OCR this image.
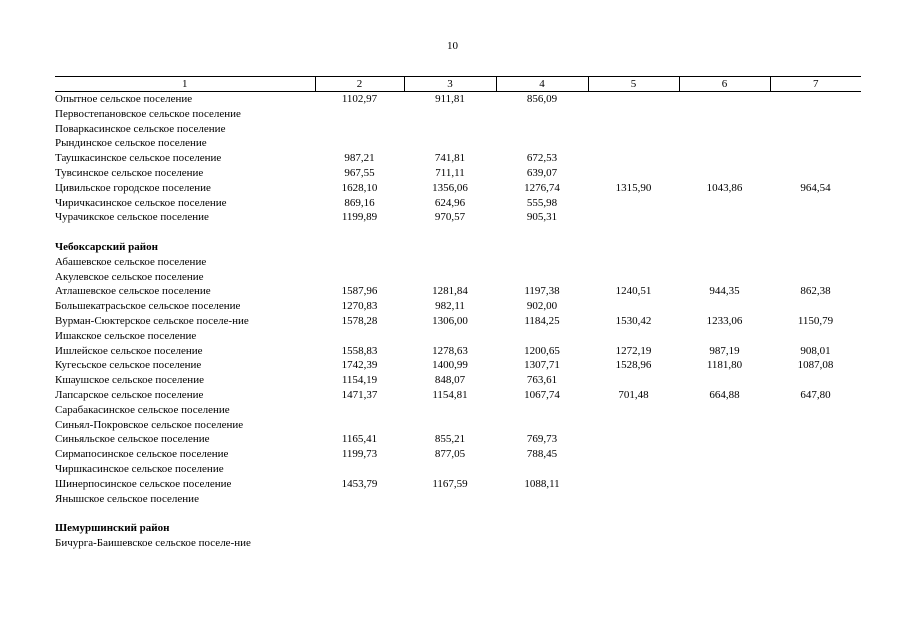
10
1	2	3	4	5	6	7
Опытное сельское поселение	1102,97	911,81	856,09			
Первостепановское сельское поселение						
Поваркасинское сельское поселение						
Рындинское сельское поселение						
Таушкасинское сельское поселение	987,21	741,81	672,53			
Тувсинское сельское поселение	967,55	711,11	639,07			
Цивильское городское поселение	1628,10	1356,06	1276,74	1315,90	1043,86	964,54
Чиричкасинское сельское поселение	869,16	624,96	555,98			
Чурачикское сельское поселение	1199,89	970,57	905,31			

Чебоксарский район						
Абашевское сельское поселение						
Акулевское сельское поселение						
Атлашевское сельское поселение	1587,96	1281,84	1197,38	1240,51	944,35	862,38
Большекатрасьское сельское поселение	1270,83	982,11	902,00			
Вурман-Сюктерское сельское поселе-ние	1578,28	1306,00	1184,25	1530,42	1233,06	1150,79
Ишакское сельское поселение						
Ишлейское сельское поселение	1558,83	1278,63	1200,65	1272,19	987,19	908,01
Кугесьское сельское поселение	1742,39	1400,99	1307,71	1528,96	1181,80	1087,08
Кшаушское сельское поселение	1154,19	848,07	763,61			
Лапсарское сельское поселение	1471,37	1154,81	1067,74	701,48	664,88	647,80
Сарабакасинское сельское поселение						
Синьял-Покровское сельское поселение						
Синьяльское сельское поселение	1165,41	855,21	769,73			
Сирмапосинское сельское поселение	1199,73	877,05	788,45			
Чиршкасинское сельское поселение						
Шинерпосинское сельское поселение	1453,79	1167,59	1088,11			
Янышское сельское поселение						

Шемуршинский район						
Бичурга-Баишевское сельское поселе-ние						
